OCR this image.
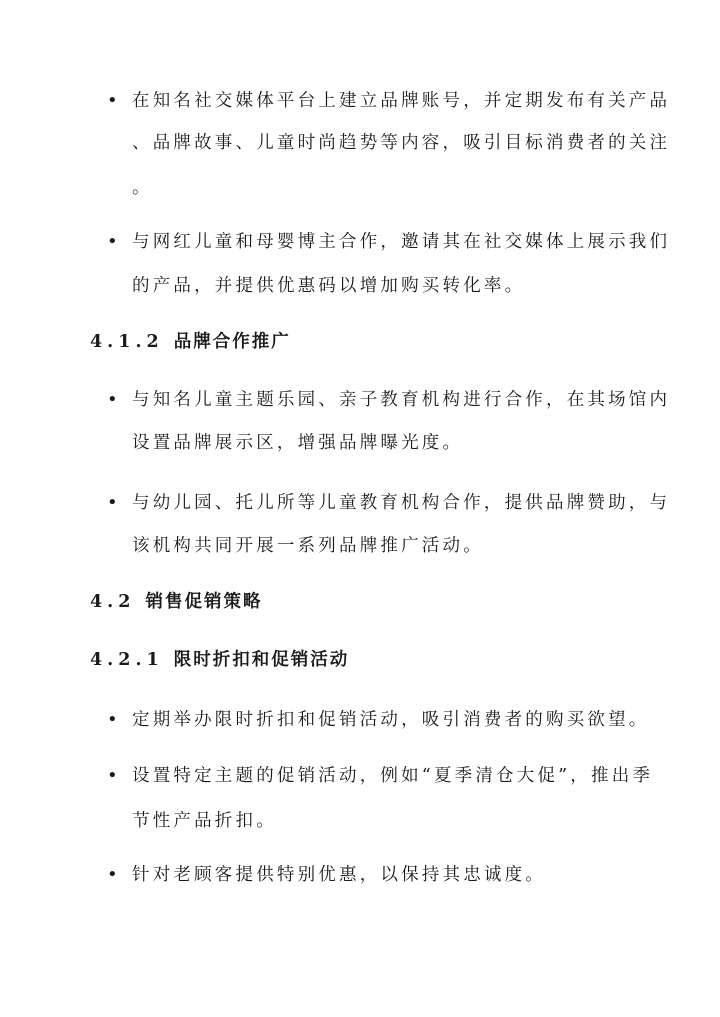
•
在知名社交媒体平台上建立品牌账号，并定期发布有关产品
、品牌故事、儿童时尚趋势等内容，吸引目标消费者的关注
。
•
与网红儿童和母婴博主合作，邀请其在社交媒体上展示我们
的产品，并提供优惠码以增加购买转化率。
4.1.2 品牌合作推广
•
与知名儿童主题乐园、亲子教育机构进行合作，在其场馆内
设置品牌展示区，增强品牌曝光度。
•
与幼儿园、托儿所等儿童教育机构合作，提供品牌赞助，与
该机构共同开展一系列品牌推广活动。
4.2 销售促销策略
4.2.1 限时折扣和促销活动
•
定期举办限时折扣和促销活动，吸引消费者的购买欲望。
•
设置特定主题的促销活动，例如“夏季清仓大促”，推出季
节性产品折扣。
•
针对老顾客提供特别优惠，以保持其忠诚度。
